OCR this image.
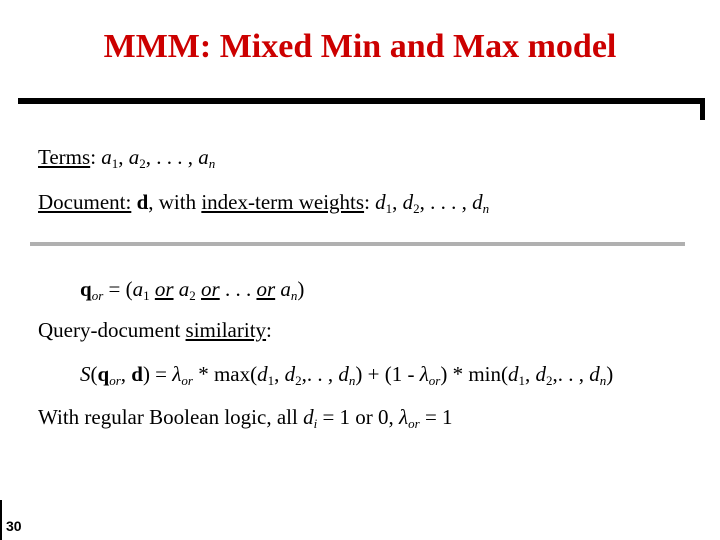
MMM: Mixed Min and Max model
Terms: $a_1$, $a_2$, . . . , $a_n$
Document: d, with index-term weights: $d_1$, $d_2$, . . . , $d_n$
$q_{or} = (a_1$ or $a_2$ or . . . or $a_n$)
Query-document similarity:
$S(q_{or}$, $d) = \lambda_{or} * \max(d_1$, $d_2$,. . , $d_n) + (1 - \lambda_{or}) * \min(d_1$, $d_2$,. . , $d_n$)
With regular Boolean logic, all $d_i = 1$ or 0, $\lambda_{or} = 1$
30
